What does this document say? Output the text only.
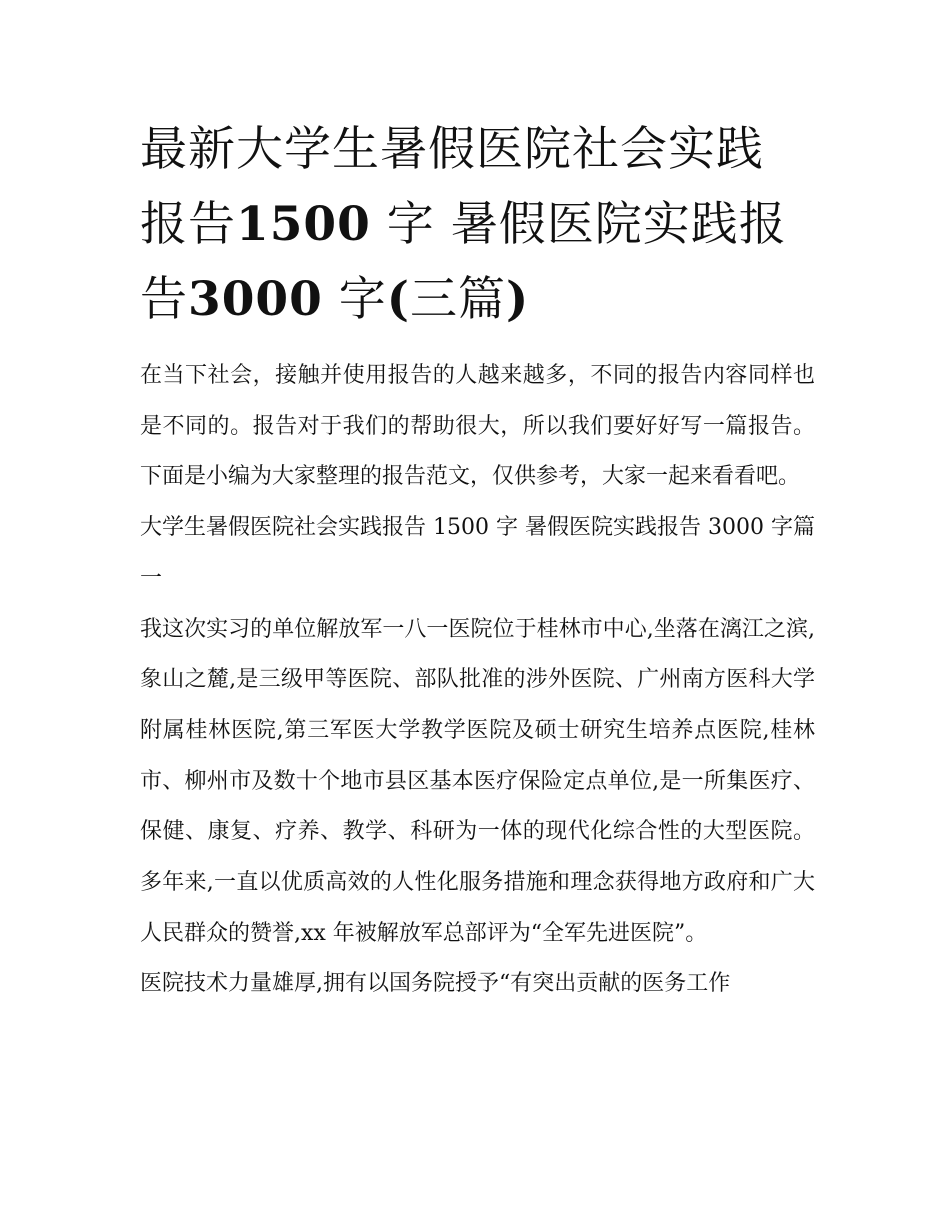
最新大学生暑假医院社会实践
报告1500 字 暑假医院实践报
告3000 字(三篇)

在当下社会，接触并使用报告的人越来越多，不同的报告内容同样也是不同的。报告对于我们的帮助很大，所以我们要好好写一篇报告。下面是小编为大家整理的报告范文，仅供参考，大家一起来看看吧。

大学生暑假医院社会实践报告 1500 字 暑假医院实践报告 3000 字篇一

我这次实习的单位解放军一八一医院位于桂林市中心,坐落在漓江之滨,象山之麓,是三级甲等医院、部队批准的涉外医院、广州南方医科大学附属桂林医院,第三军医大学教学医院及硕士研究生培养点医院,桂林市、柳州市及数十个地市县区基本医疗保险定点单位,是一所集医疗、保健、康复、疗养、教学、科研为一体的现代化综合性的大型医院。多年来,一直以优质高效的人性化服务措施和理念获得地方政府和广大人民群众的赞誉,xx 年被解放军总部评为“全军先进医院”。

医院技术力量雄厚,拥有以国务院授予“有突出贡献的医务工作
